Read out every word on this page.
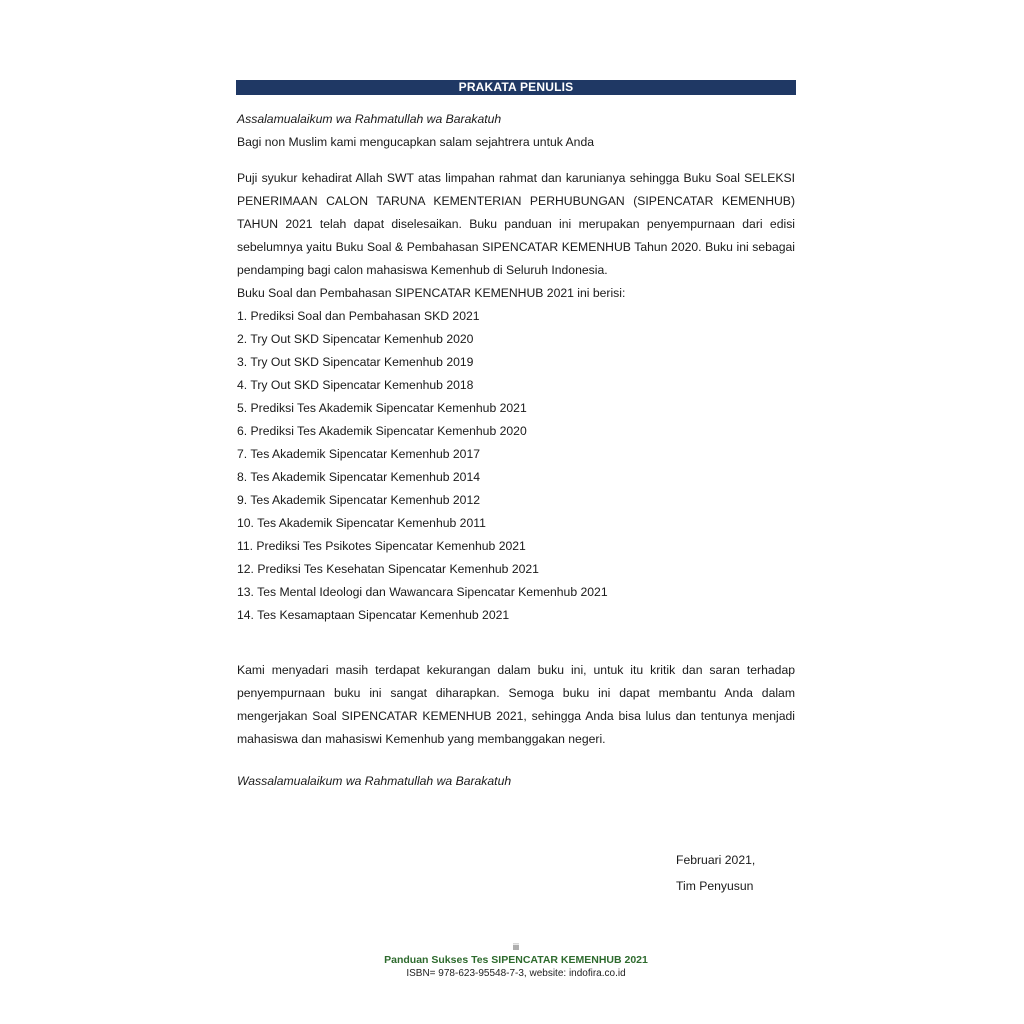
PRAKATA PENULIS
Assalamualaikum wa Rahmatullah wa Barakatuh
Bagi non Muslim kami mengucapkan salam sejahtrera untuk Anda

Puji syukur kehadirat Allah SWT atas limpahan rahmat dan karunianya sehingga Buku Soal SELEKSI PENERIMAAN CALON TARUNA KEMENTERIAN PERHUBUNGAN (SIPENCATAR KEMENHUB) TAHUN 2021 telah dapat diselesaikan. Buku panduan ini merupakan penyempurnaan dari edisi sebelumnya yaitu Buku Soal & Pembahasan SIPENCATAR KEMENHUB Tahun 2020. Buku ini sebagai pendamping bagi calon mahasiswa Kemenhub di Seluruh Indonesia.

Buku Soal dan Pembahasan SIPENCATAR KEMENHUB 2021 ini berisi:
1. Prediksi Soal dan Pembahasan SKD 2021
2. Try Out SKD Sipencatar Kemenhub 2020
3. Try Out SKD Sipencatar Kemenhub 2019
4. Try Out SKD Sipencatar Kemenhub 2018
5. Prediksi Tes Akademik Sipencatar Kemenhub 2021
6. Prediksi Tes Akademik Sipencatar Kemenhub 2020
7. Tes Akademik Sipencatar Kemenhub 2017
8. Tes Akademik Sipencatar Kemenhub 2014
9. Tes Akademik Sipencatar Kemenhub 2012
10. Tes Akademik Sipencatar Kemenhub 2011
11. Prediksi Tes Psikotes Sipencatar Kemenhub 2021
12. Prediksi Tes Kesehatan Sipencatar Kemenhub 2021
13. Tes Mental Ideologi dan Wawancara Sipencatar Kemenhub 2021
14. Tes Kesamaptaan Sipencatar Kemenhub 2021

Kami menyadari masih terdapat kekurangan dalam buku ini, untuk itu kritik dan saran terhadap penyempurnaan buku ini sangat diharapkan. Semoga buku ini dapat membantu Anda dalam mengerjakan Soal SIPENCATAR KEMENHUB 2021, sehingga Anda bisa lulus dan tentunya menjadi mahasiswa dan mahasiswi Kemenhub yang membanggakan negeri.

Wassalamualaikum wa Rahmatullah wa Barakatuh
Februari 2021,
Tim Penyusun
iii
Panduan Sukses Tes SIPENCATAR KEMENHUB 2021
ISBN= 978-623-95548-7-3, website: indofira.co.id
